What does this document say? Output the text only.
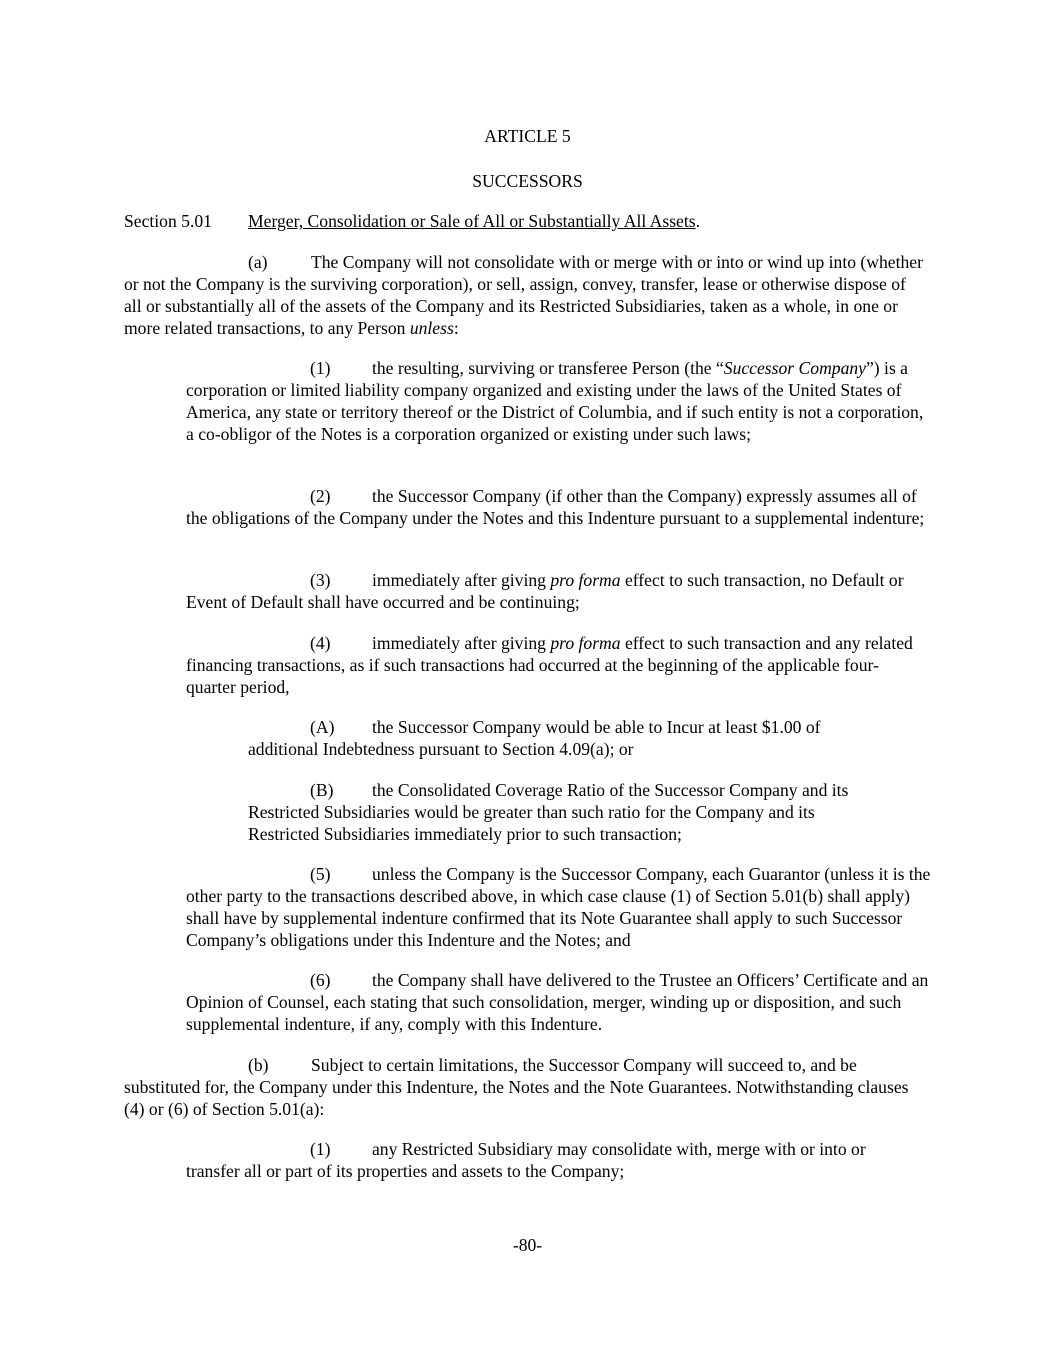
ARTICLE 5
SUCCESSORS
Section 5.01 Merger, Consolidation or Sale of All or Substantially All Assets.

(a) The Company will not consolidate with or merge with or into or wind up into (whether or not the Company is the surviving corporation), or sell, assign, convey, transfer, lease or otherwise dispose of all or substantially all of the assets of the Company and its Restricted Subsidiaries, taken as a whole, in one or more related transactions, to any Person unless:

(1) the resulting, surviving or transferee Person (the “Successor Company”) is a corporation or limited liability company organized and existing under the laws of the United States of America, any state or territory thereof or the District of Columbia, and if such entity is not a corporation, a co-obligor of the Notes is a corporation organized or existing under such laws;

(2) the Successor Company (if other than the Company) expressly assumes all of the obligations of the Company under the Notes and this Indenture pursuant to a supplemental indenture;

(3) immediately after giving pro forma effect to such transaction, no Default or Event of Default shall have occurred and be continuing;

(4) immediately after giving pro forma effect to such transaction and any related financing transactions, as if such transactions had occurred at the beginning of the applicable four-quarter period,

(A) the Successor Company would be able to Incur at least $1.00 of additional Indebtedness pursuant to Section 4.09(a); or

(B) the Consolidated Coverage Ratio of the Successor Company and its Restricted Subsidiaries would be greater than such ratio for the Company and its Restricted Subsidiaries immediately prior to such transaction;

(5) unless the Company is the Successor Company, each Guarantor (unless it is the other party to the transactions described above, in which case clause (1) of Section 5.01(b) shall apply) shall have by supplemental indenture confirmed that its Note Guarantee shall apply to such Successor Company’s obligations under this Indenture and the Notes; and

(6) the Company shall have delivered to the Trustee an Officers’ Certificate and an Opinion of Counsel, each stating that such consolidation, merger, winding up or disposition, and such supplemental indenture, if any, comply with this Indenture.

(b) Subject to certain limitations, the Successor Company will succeed to, and be substituted for, the Company under this Indenture, the Notes and the Note Guarantees. Notwithstanding clauses (4) or (6) of Section 5.01(a):

(1) any Restricted Subsidiary may consolidate with, merge with or into or transfer all or part of its properties and assets to the Company;

-80-
